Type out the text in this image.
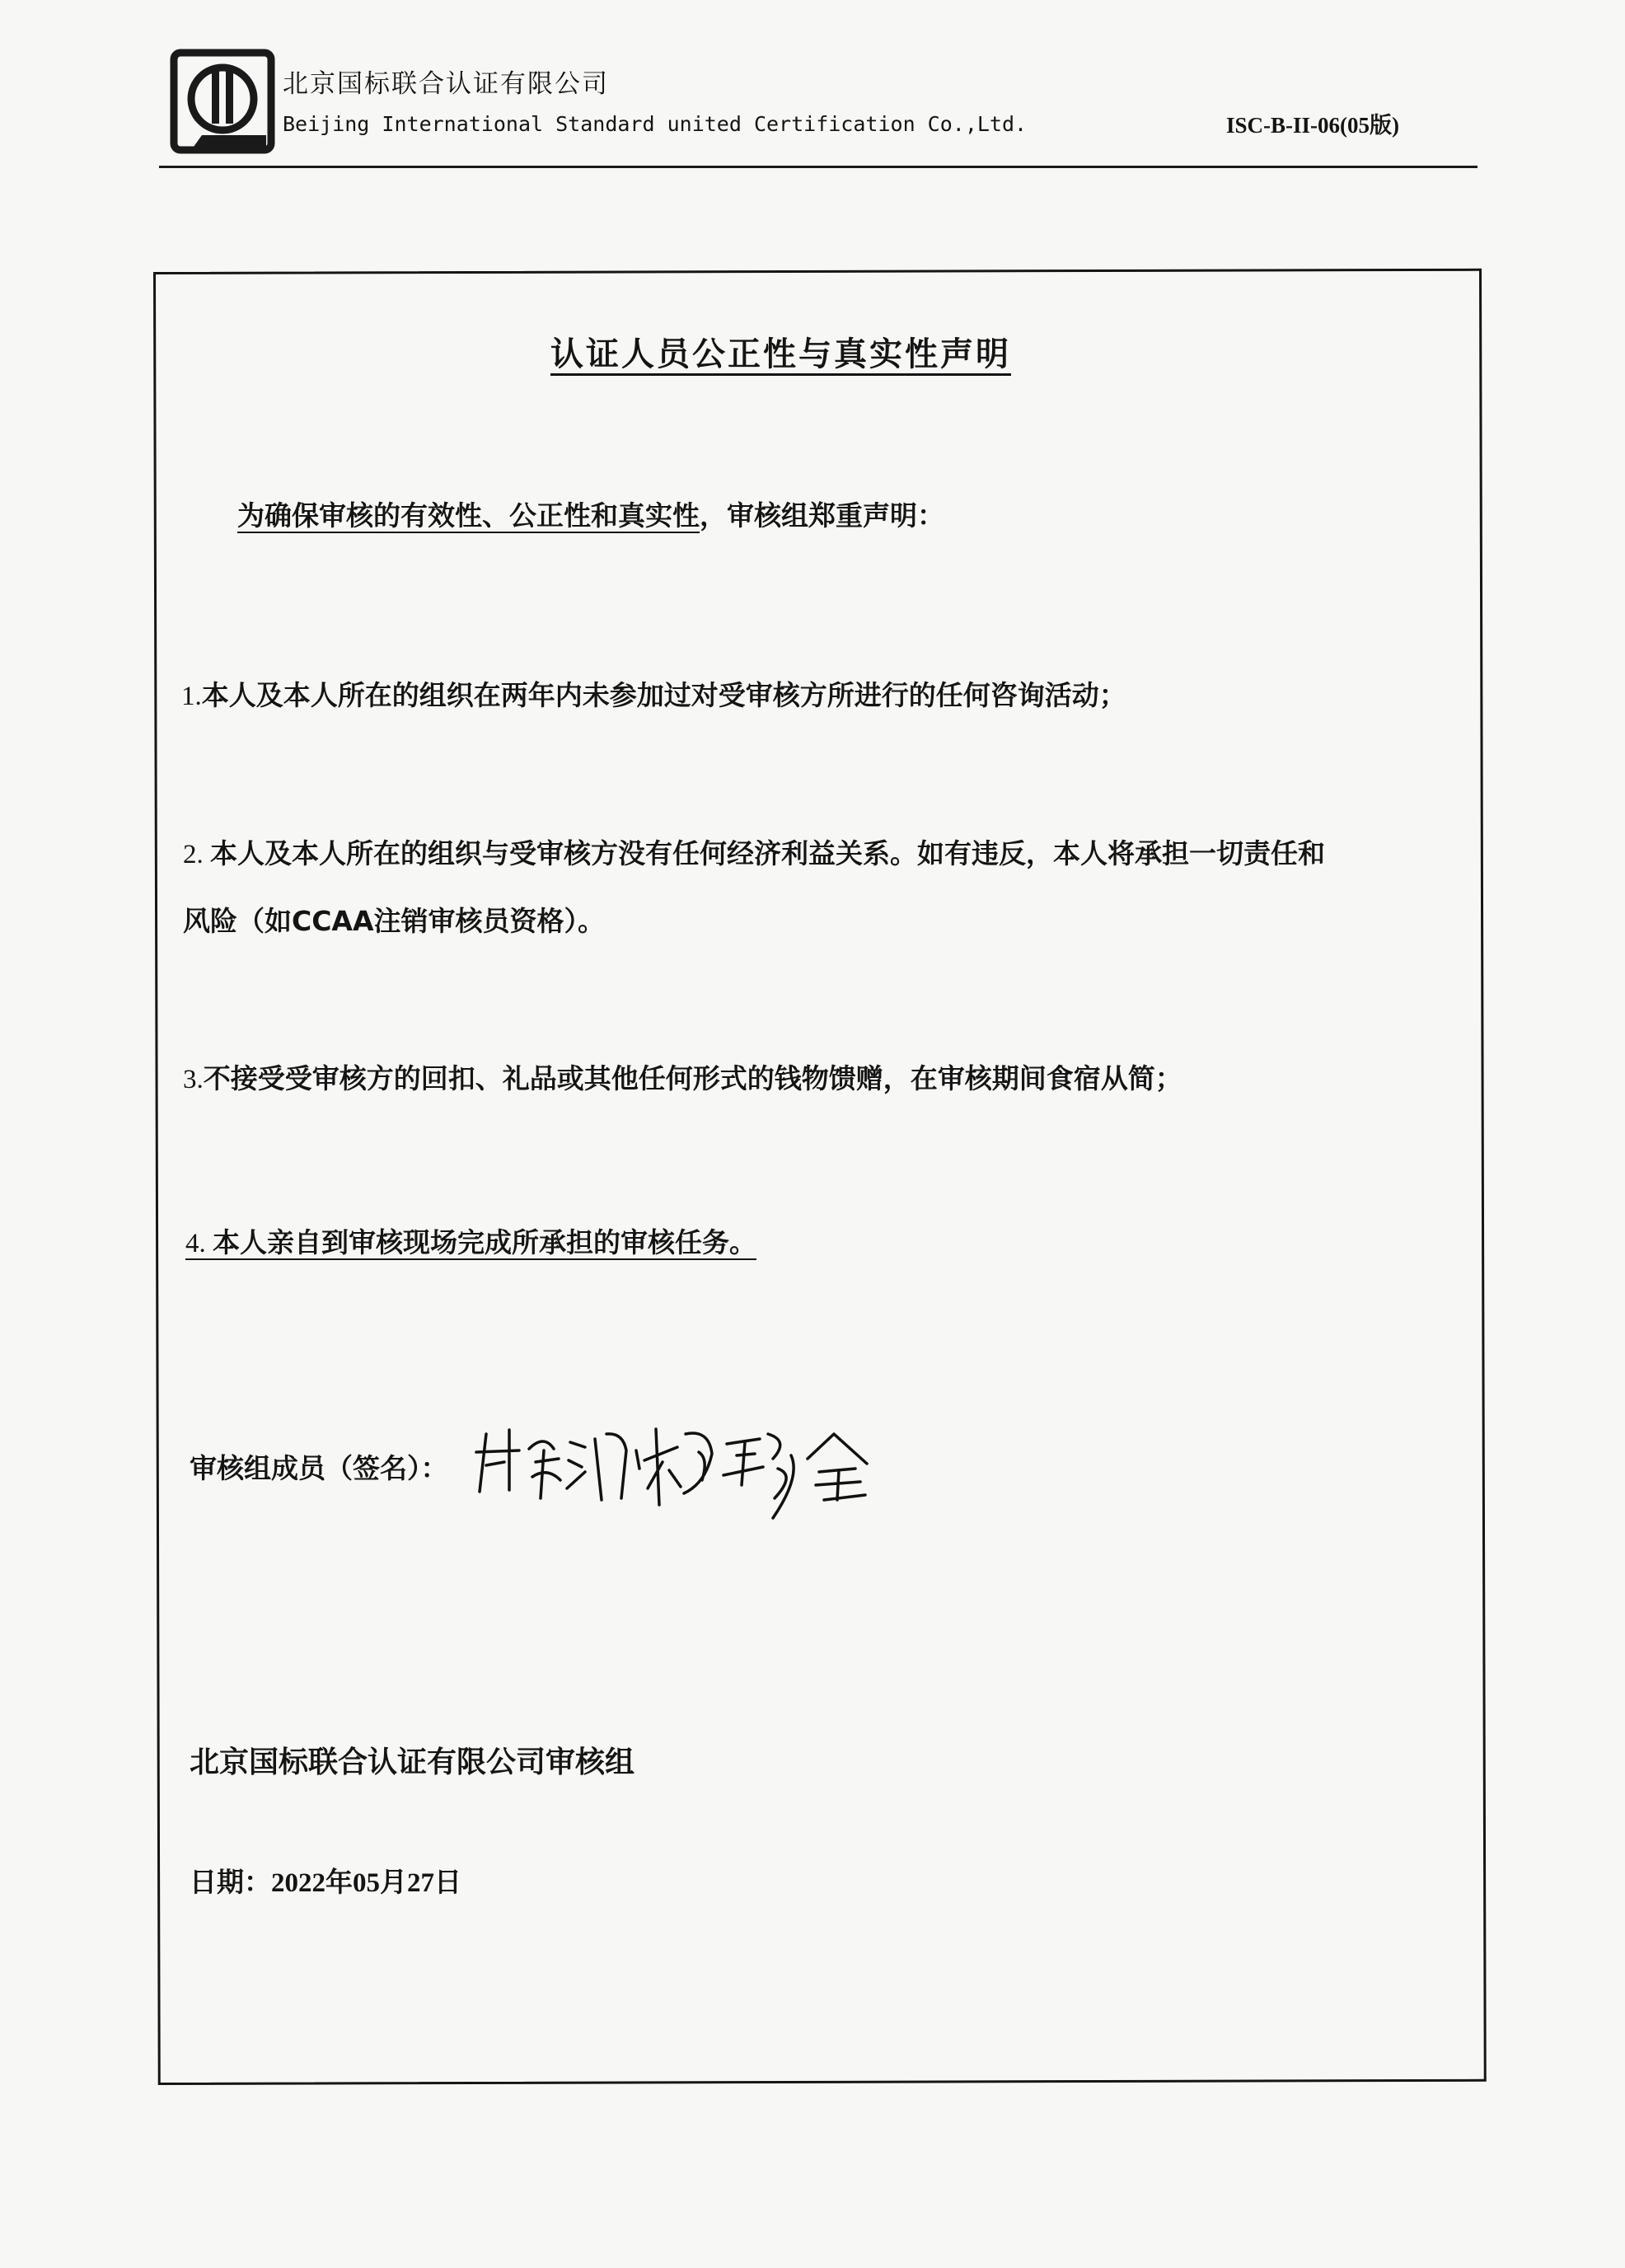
北京国标联合认证有限公司
Beijing International Standard united Certification Co.,Ltd.	ISC-B-II-06(05版)
认证人员公正性与真实性声明
为确保审核的有效性、公正性和真实性，审核组郑重声明：
1.本人及本人所在的组织在两年内未参加过对受审核方所进行的任何咨询活动；
2. 本人及本人所在的组织与受审核方没有任何经济利益关系。如有违反，本人将承担一切责任和
风险（如CCAA注销审核员资格）。
3.不接受受审核方的回扣、礼品或其他任何形式的钱物馈赠，在审核期间食宿从简；
4. 本人亲自到审核现场完成所承担的审核任务。
审核组成员（签名）：
北京国标联合认证有限公司审核组
日期：2022年05月27日
